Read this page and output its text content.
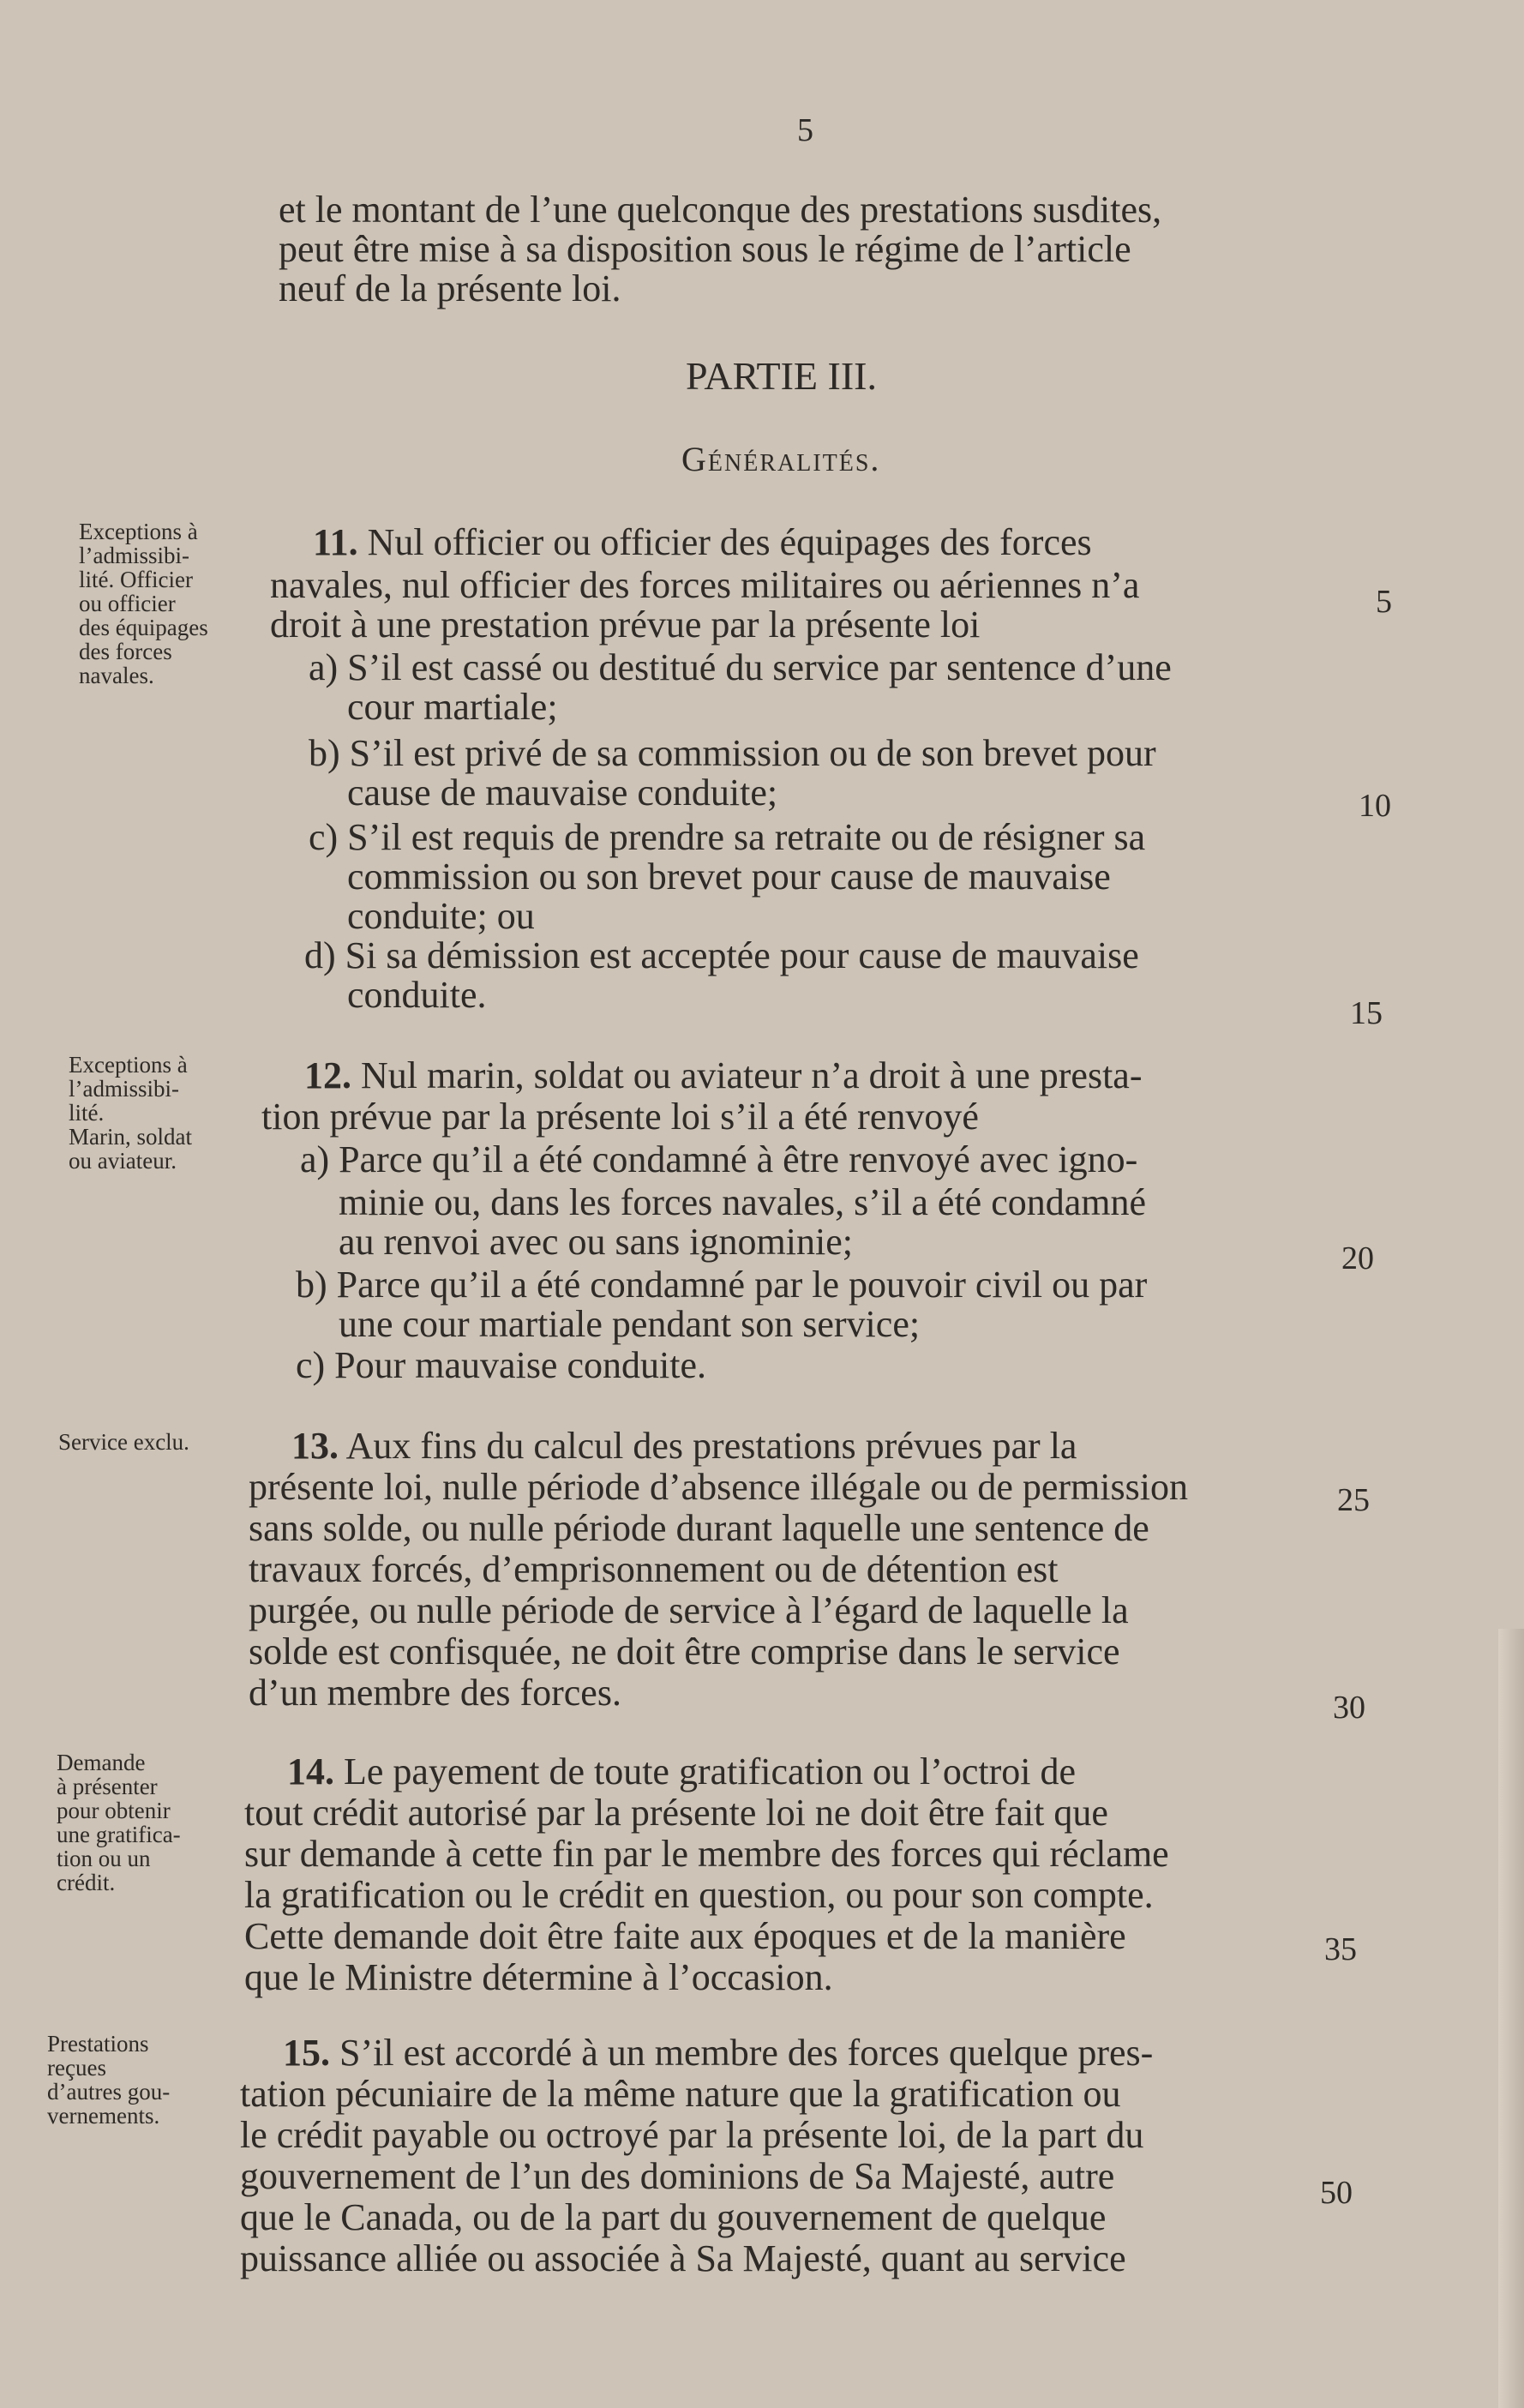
5
et le montant de l’une quelconque des prestations susdites,
peut être mise à sa disposition sous le régime de l’article
neuf de la présente loi.
PARTIE III.
Généralités.
Exceptions à
l’admissibi-
lité. Officier
ou officier
des équipages
des forces
navales.
11. Nul officier ou officier des équipages des forces
navales, nul officier des forces militaires ou aériennes n’a
droit à une prestation prévue par la présente loi
a) S’il est cassé ou destitué du service par sentence d’une
cour martiale;
b) S’il est privé de sa commission ou de son brevet pour
cause de mauvaise conduite;
c) S’il est requis de prendre sa retraite ou de résigner sa
commission ou son brevet pour cause de mauvaise
conduite; ou
d) Si sa démission est acceptée pour cause de mauvaise
conduite.
Exceptions à
l’admissibi-
lité.
Marin, soldat
ou aviateur.
12. Nul marin, soldat ou aviateur n’a droit à une presta-
tion prévue par la présente loi s’il a été renvoyé
a) Parce qu’il a été condamné à être renvoyé avec igno-
minie ou, dans les forces navales, s’il a été condamné
au renvoi avec ou sans ignominie;
b) Parce qu’il a été condamné par le pouvoir civil ou par
une cour martiale pendant son service;
c) Pour mauvaise conduite.
Service exclu.	13. Aux fins du calcul des prestations prévues par la
présente loi, nulle période d’absence illégale ou de permission
sans solde, ou nulle période durant laquelle une sentence de
travaux forcés, d’emprisonnement ou de détention est
purgée, ou nulle période de service à l’égard de laquelle la
solde est confisquée, ne doit être comprise dans le service
d’un membre des forces.
Demande
à présenter
pour obtenir
une gratifica-
tion ou un
crédit.
14. Le payement de toute gratification ou l’octroi de
tout crédit autorisé par la présente loi ne doit être fait que
sur demande à cette fin par le membre des forces qui réclame
la gratification ou le crédit en question, ou pour son compte.
Cette demande doit être faite aux époques et de la manière
que le Ministre détermine à l’occasion.
Prestations
reçues
d’autres gou-
vernements.
15. S’il est accordé à un membre des forces quelque pres-
tation pécuniaire de la même nature que la gratification ou
le crédit payable ou octroyé par la présente loi, de la part du
gouvernement de l’un des dominions de Sa Majesté, autre
que le Canada, ou de la part du gouvernement de quelque
puissance alliée ou associée à Sa Majesté, quant au service
5
10
15
20
25
30
35
50
